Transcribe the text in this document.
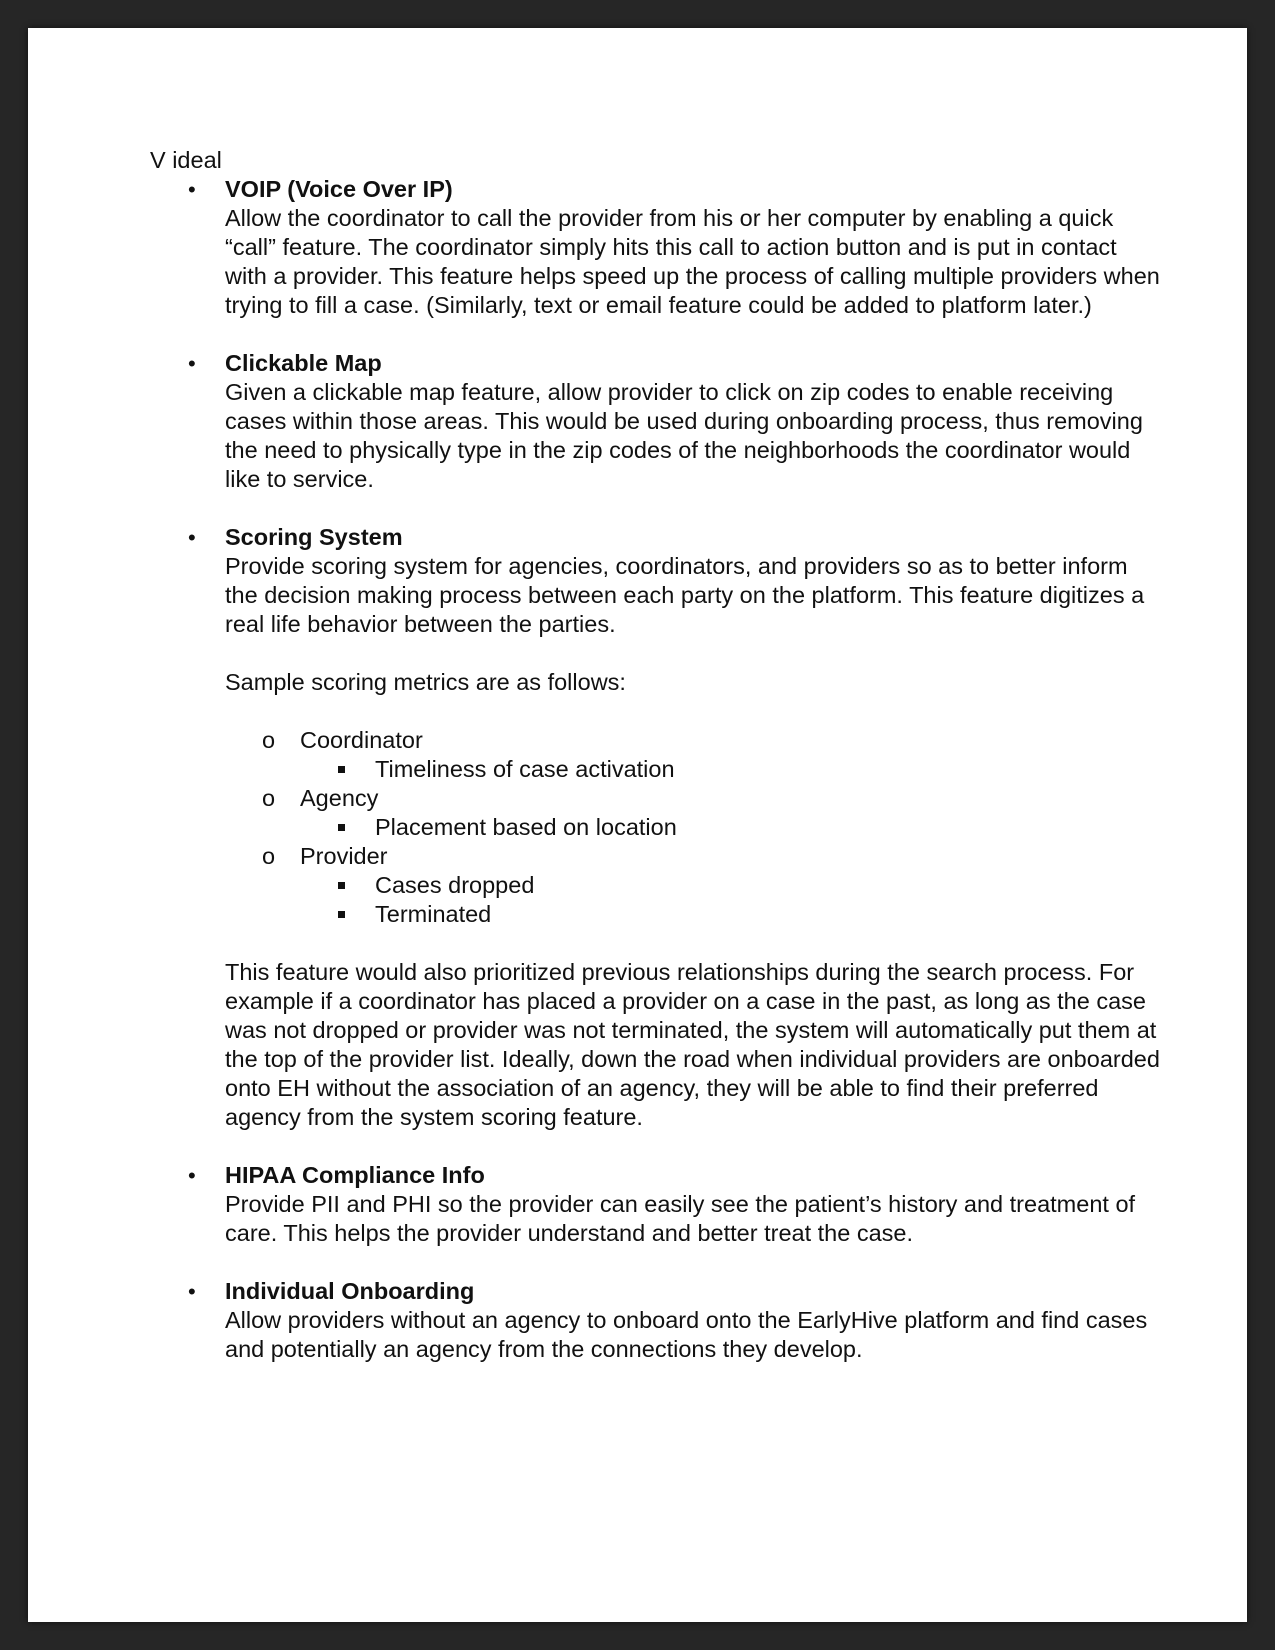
V ideal

• VOIP (Voice Over IP)
Allow the coordinator to call the provider from his or her computer by enabling a quick “call” feature. The coordinator simply hits this call to action button and is put in contact with a provider. This feature helps speed up the process of calling multiple providers when trying to fill a case. (Similarly, text or email feature could be added to platform later.)
• Clickable Map
Given a clickable map feature, allow provider to click on zip codes to enable receiving cases within those areas. This would be used during onboarding process, thus removing the need to physically type in the zip codes of the neighborhoods the coordinator would like to service.
• Scoring System
Provide scoring system for agencies, coordinators, and providers so as to better inform the decision making process between each party on the platform. This feature digitizes a real life behavior between the parties.
Sample scoring metrics are as follows:
o Coordinator
Timeliness of case activation
o Agency
Placement based on location
o Provider
Cases dropped
Terminated
This feature would also prioritized previous relationships during the search process. For example if a coordinator has placed a provider on a case in the past, as long as the case was not dropped or provider was not terminated, the system will automatically put them at the top of the provider list. Ideally, down the road when individual providers are onboarded onto EH without the association of an agency, they will be able to find their preferred agency from the system scoring feature.
• HIPAA Compliance Info
Provide PII and PHI so the provider can easily see the patient’s history and treatment of care. This helps the provider understand and better treat the case.
• Individual Onboarding
Allow providers without an agency to onboard onto the EarlyHive platform and find cases and potentially an agency from the connections they develop.
